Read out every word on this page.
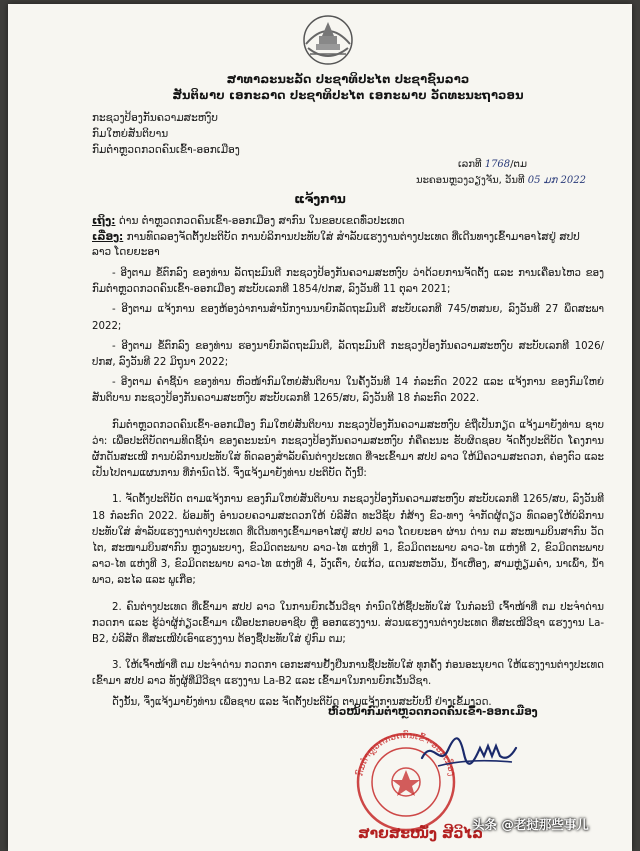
ສາທາລະນະລັດ ປະຊາທິປະໄຕ ປະຊາຊົນລາວ
ສັນຕິພາບ ເອກະລາດ ປະຊາທິປະໄຕ ເອກະພາບ ວັດທະນະຖາວອນ
ກະຊວງປ້ອງກັນຄວາມສະຫງົບ
ກົມໃຫຍ່ສັນຕິບານ
ກົມຕໍາຫຼວດກວດຄົນເຂົ້າ-ອອກເມືອງ
ເລກທີ 1768/ຕມ
ນະຄອນຫຼວງວຽງຈັນ, ວັນທີ 05 ມກ 2022
ແຈ້ງການ
ເຖິງ: ດ່ານ ຕໍາຫຼວດກວດຄົນເຂົ້າ-ອອກເມືອງ ສາກົນ ໃນຂອບເຂດທົ່ວປະເທດ
ເລື່ອງ: ການທົດລອງຈັດຕັ້ງປະຕິບັດ ການບໍລິການປະທັບໃສ່ ສໍາລັບແຮງງານຕ່າງປະເທດ ທີ່ເດີນທາງເຂົ້າມາອາໄສຢູ່ ສປປ ລາວ ໂດຍຍະອາ

- ອີງຕາມ ຂໍ້ຕົກລົງ ຂອງທ່ານ ລັດຖະມົນຕີ ກະຊວງປ້ອງກັນຄວາມສະຫງົບ ວ່າດ້ວຍການຈັດຕັ້ງ ແລະ ການເຄື່ອນໄຫວ ຂອງກົມຕໍາຫຼວດກວດຄົນເຂົ້າ-ອອກເມືອງ ສະບັບເລກທີ 1854/ປກສ, ລົງວັນທີ 11 ຕຸລາ 2021;

- ອີງຕາມ ແຈ້ງການ ຂອງຫ້ອງວ່າການສໍານັກງານນາຍົກລັດຖະມົນຕີ ສະບັບເລກທີ 745/ຫສນຍ, ລົງວັນທີ 27 ພຶດສະພາ 2022;

- ອີງຕາມ ຂໍ້ຕົກລົງ ຂອງທ່ານ ຮອງນາຍົກລັດຖະມົນຕີ, ລັດຖະມົນຕີ ກະຊວງປ້ອງກັນຄວາມສະຫງົບ ສະບັບເລກທີ 1026/ປກສ, ລົງວັນທີ 22 ມິຖຸນາ 2022;

- ອີງຕາມ ຄໍາຊີ້ນໍາ ຂອງທ່ານ ຫົວໜ້າກົມໃຫຍ່ສັນຕິບານ ໃນຄັ້ງວັນທີ 14 ກໍລະກົດ 2022 ແລະ ແຈ້ງການ ຂອງກົມໃຫຍ່ສັນຕິບານ ກະຊວງປ້ອງກັນຄວາມສະຫງົບ ສະບັບເລກທີ 1265/ສບ, ລົງວັນທີ 18 ກໍລະກົດ 2022.

ກົມຕໍາຫຼວດກວດຄົນເຂົ້າ-ອອກເມືອງ ກົມໃຫຍ່ສັນຕິບານ ກະຊວງປ້ອງກັນຄວາມສະຫງົບ ຂໍຖືເປັນກຽດ ແຈ້ງມາຍັງທ່ານ ຊາບວ່າ: ເພື່ອປະຕິບັດຕາມທິດຊີ້ນໍາ ຂອງຄະນະນໍາ ກະຊວງປ້ອງກັນຄວາມສະຫງົບ ກໍ່ຄືຄະນະ ຮັບຜິດຊອບ ຈັດຕັ້ງປະຕິບັດ ໂຄງການ ຜັກດັນສະເໜີ ການບໍລິການປະທັບໃສ່ ທົດລອງສໍາລັບຄົນຕ່າງປະເທດ ທີ່ຈະເຂົ້າມາ ສປປ ລາວ ໃຫ້ມີຄວາມສະດວກ, ຄ່ອງຕົວ ແລະ ເປັນໄປຕາມແຜນການ ທີ່ກໍານົດໄວ້. ຈຶ່ງແຈ້ງມາຍັງທ່ານ ປະຕິບັດ ດັ່ງນີ້:

1. ຈັດຕັ້ງປະຕິບັດ ຕາມແຈ້ງການ ຂອງກົມໃຫຍ່ສັນຕິບານ ກະຊວງປ້ອງກັນຄວາມສະຫງົບ ສະບັບເລກທີ 1265/ສບ, ລົງວັນທີ 18 ກໍລະກົດ 2022. ພ້ອມທັງ ອໍານວຍຄວາມສະດວກໃຫ້ ບໍລິສັດ ທະວີຊັບ ກໍ່ສ້າງ ຂົວ-ທາງ ຈໍາກັດຜູ້ດຽວ ທົດລອງໃຫ້ບໍລິການປະທັບໃສ່ ສໍາລັບແຮງງານຕ່າງປະເທດ ທີ່ເດີນທາງເຂົ້າມາອາໄສຢູ່ ສປປ ລາວ ໂດຍຍະອາ ຜ່ານ ດ່ານ ຕມ ສະໜາມບິນສາກົນ ວັດໄຕ, ສະໜາມບິນສາກົນ ຫຼວງພະບາງ, ຂົວມິດຕະພາບ ລາວ-ໄທ ແຫ່ງທີ 1, ຂົວມິດຕະພາບ ລາວ-ໄທ ແຫ່ງທີ 2, ຂົວມິດຕະພາບ ລາວ-ໄທ ແຫ່ງທີ 3, ຂົວມິດຕະພາບ ລາວ-ໄທ ແຫ່ງທີ 4, ວັງເຕົ່າ, ບໍ່ແກ້ວ, ແດນສະຫວັນ, ນ້ຳເຫືອງ, ສາມຫຼ່ຽມຄໍາ, ນາເພົ້າ, ນ້ຳພາວ, ລະໄລ ແລະ ພູເກືອ;

2. ຄົນຕ່າງປະເທດ ທີ່ເຂົ້າມາ ສປປ ລາວ ໃນການຍົກເວັ້ນວີຊາ ກໍານົດໃຫ້ຊື້ປະທັບໃສ່ ໃນກໍລະນີ ເຈົ້າໜ້າທີ່ ຕມ ປະຈໍາດ່ານ ກວດກາ ແລະ ຮູ້ວ່າຜູ້ກ່ຽວເຂົ້າມາ ເພື່ອປະກອບອາຊີບ ຫຼື ອອກແຮງງານ. ສ່ວນແຮງງານຕ່າງປະເທດ ທີ່ສະເໜີວີຊາ ແຮງງານ La-B2, ບໍລິສັດ ທີ່ສະເໜີບໍ່ເອົາແຮງງານ ຕ້ອງຊື້ປະທັບໃສ່ ຢູ່ກົມ ຕມ;

3. ໃຫ້ເຈົ້າໜ້າທີ່ ຕມ ປະຈໍາດ່ານ ກວດກາ ເອກະສານຢັ້ງຢືນການຊື້ປະທັບໃສ່ ທຸກຄັ້ງ ກ່ອນອະນຸຍາດ ໃຫ້ແຮງງານຕ່າງປະເທດ ເຂົ້າມາ ສປປ ລາວ ທັງຜູ້ທີ່ມີວີຊາ ແຮງງານ La-B2 ແລະ ເຂົ້າມາໃນການຍົກເວັ້ນວີຊາ.

ດັ່ງນັ້ນ, ຈຶ່ງແຈ້ງມາຍັງທ່ານ ເພື່ອຊາບ ແລະ ຈັດຕັ້ງປະຕິບັດ ຕາມແຈ້ງການສະບັບນີ້ ຢ່າງເຂັ້ມງວດ.

ຫົວໜ້າກົມຕໍາຫຼວດກວດຄົນເຂົ້າ-ອອກເມືອງ
ກົມຕໍາຫຼວດກວດຄົນເຂົ້າ-ອອກເມືອງ
ສາຍສະໜັ່ງ ສີວິໄລ
头条 @老挝那些事儿
